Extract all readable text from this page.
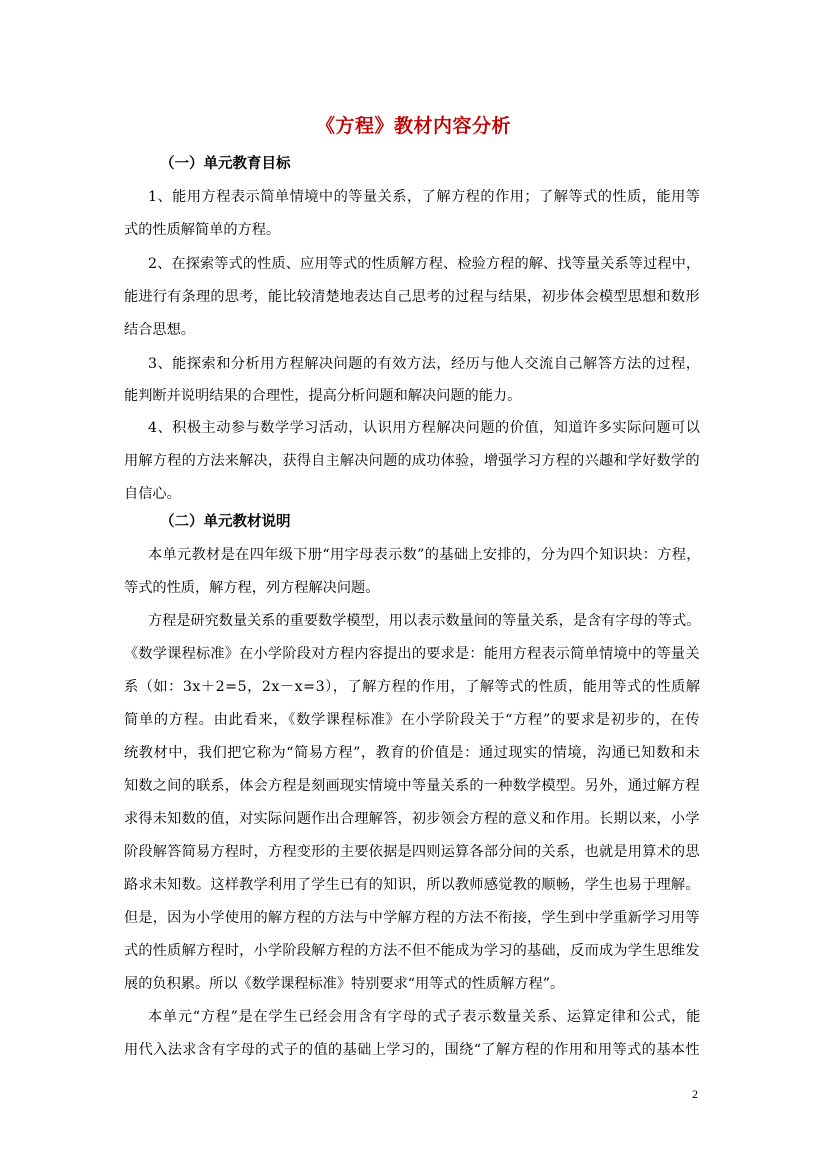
《方程》教材内容分析
（一）单元教育目标
1、能用方程表示简单情境中的等量关系，了解方程的作用；了解等式的性质，能用等
式的性质解简单的方程。
2、在探索等式的性质、应用等式的性质解方程、检验方程的解、找等量关系等过程中，
能进行有条理的思考，能比较清楚地表达自己思考的过程与结果，初步体会模型思想和数形
结合思想。
3、能探索和分析用方程解决问题的有效方法，经历与他人交流自己解答方法的过程，
能判断并说明结果的合理性，提高分析问题和解决问题的能力。
4、积极主动参与数学学习活动，认识用方程解决问题的价值，知道许多实际问题可以
用解方程的方法来解决，获得自主解决问题的成功体验，增强学习方程的兴趣和学好数学的
自信心。
（二）单元教材说明
本单元教材是在四年级下册“用字母表示数”的基础上安排的，分为四个知识块：方程，
等式的性质，解方程，列方程解决问题。
方程是研究数量关系的重要数学模型，用以表示数量间的等量关系，是含有字母的等式。
《数学课程标准》在小学阶段对方程内容提出的要求是：能用方程表示简单情境中的等量关
系（如：3x＋2=5，2x－x=3），了解方程的作用，了解等式的性质，能用等式的性质解
简单的方程。由此看来，《数学课程标准》在小学阶段关于“方程”的要求是初步的，在传
统教材中，我们把它称为“简易方程”，教育的价值是：通过现实的情境，沟通已知数和未
知数之间的联系，体会方程是刻画现实情境中等量关系的一种数学模型。另外，通过解方程
求得未知数的值，对实际问题作出合理解答，初步领会方程的意义和作用。长期以来，小学
阶段解答简易方程时，方程变形的主要依据是四则运算各部分间的关系，也就是用算术的思
路求未知数。这样教学利用了学生已有的知识，所以教师感觉教的顺畅，学生也易于理解。
但是，因为小学使用的解方程的方法与中学解方程的方法不衔接，学生到中学重新学习用等
式的性质解方程时，小学阶段解方程的方法不但不能成为学习的基础，反而成为学生思维发
展的负积累。所以《数学课程标准》特别要求“用等式的性质解方程”。
本单元“方程”是在学生已经会用含有字母的式子表示数量关系、运算定律和公式，能
用代入法求含有字母的式子的值的基础上学习的，围绕“了解方程的作用和用等式的基本性
2
